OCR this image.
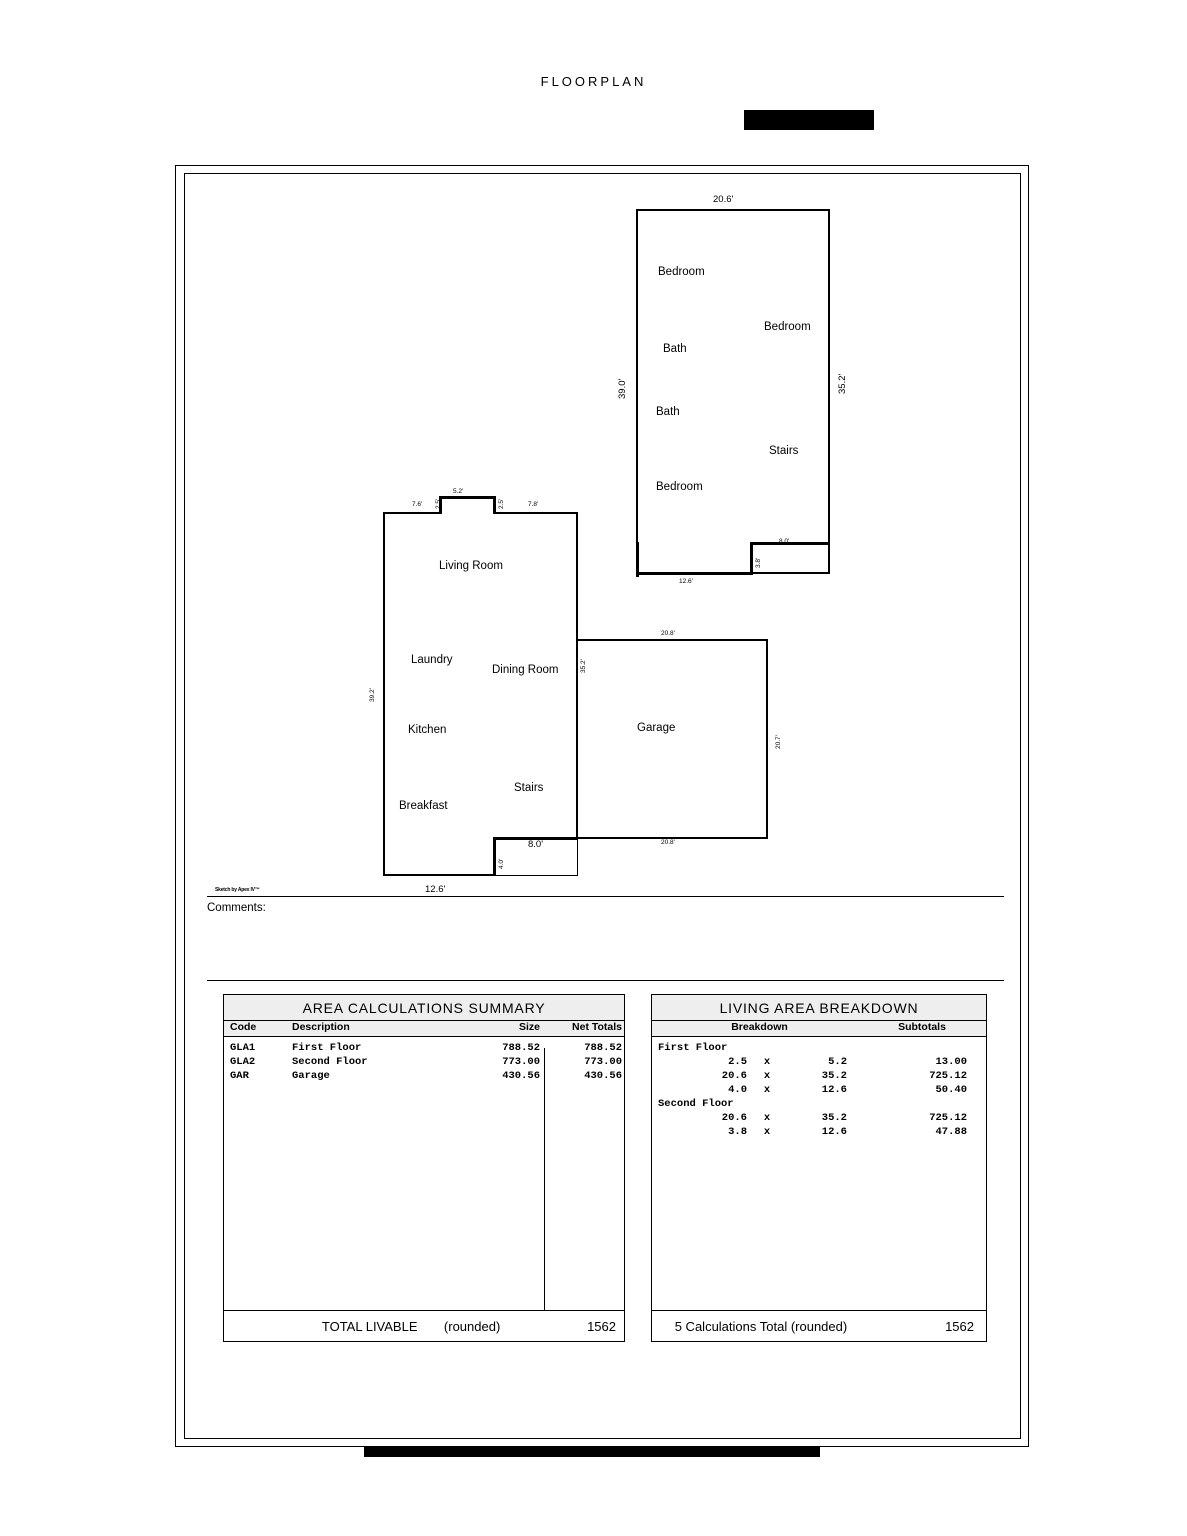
FLOORPLAN
Bedroom
Bedroom
Bath
Bath
Stairs
Bedroom
20.6'
39.0'	35.2'
12.6'
8.0'
3.8'
Living Room
Laundry
Dining Room
Kitchen
Stairs
Breakfast
7.6' 2.5'
5.2'
2.5'	7.8'
39.2'
35.2'
12.6'
8.0'
4.0'
Garage
20.8'
20.7'
20.8'
Sketch by Apex IV™
Comments:
AREA CALCULATIONS SUMMARY
Code	Description	Size	Net Totals
GLA1	First Floor	788.52	788.52
GLA2	Second Floor	773.00	773.00
GAR	Garage	430.56	430.56
TOTAL LIVABLE	(rounded)	1562
LIVING AREA BREAKDOWN
Breakdown	Subtotals
First Floor
2.5	x	5.2	13.00
20.6	x	35.2	725.12
4.0	x	12.6	50.40
Second Floor
20.6	x	35.2	725.12
3.8	x	12.6	47.88
5 Calculations Total (rounded)	1562
